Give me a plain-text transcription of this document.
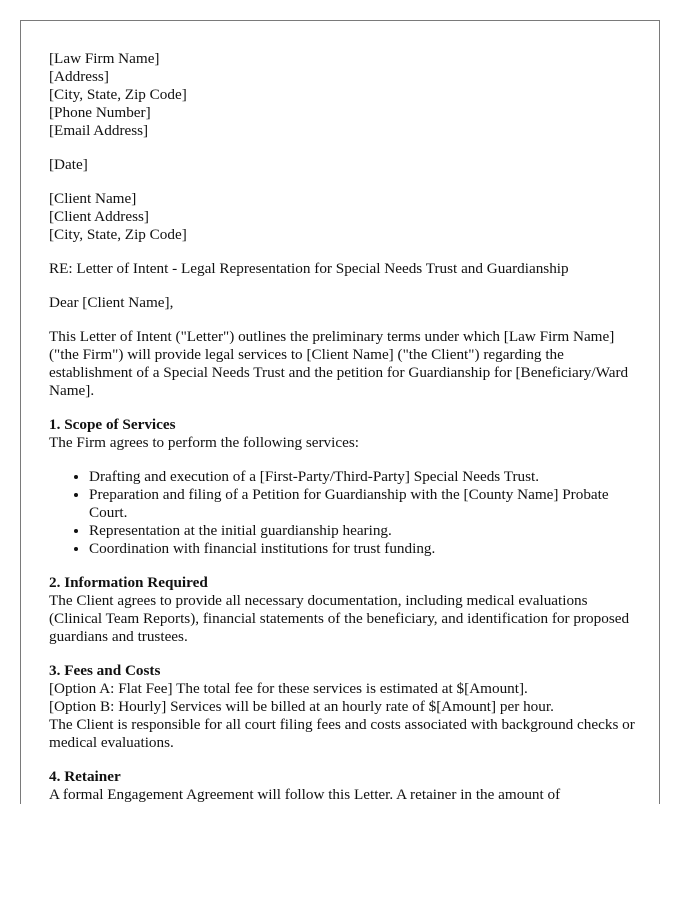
[Law Firm Name]
[Address]
[City, State, Zip Code]
[Phone Number]
[Email Address]
[Date]
[Client Name]
[Client Address]
[City, State, Zip Code]

RE: Letter of Intent - Legal Representation for Special Needs Trust and Guardianship

Dear [Client Name],

This Letter of Intent ("Letter") outlines the preliminary terms under which [Law Firm Name] ("the Firm") will provide legal services to [Client Name] ("the Client") regarding the establishment of a Special Needs Trust and the petition for Guardianship for [Beneficiary/Ward Name].

1. Scope of Services
The Firm agrees to perform the following services:
• Drafting and execution of a [First-Party/Third-Party] Special Needs Trust.
• Preparation and filing of a Petition for Guardianship with the [County Name] Probate Court.
• Representation at the initial guardianship hearing.
• Coordination with financial institutions for trust funding.
2. Information Required
The Client agrees to provide all necessary documentation, including medical evaluations (Clinical Team Reports), financial statements of the beneficiary, and identification for proposed guardians and trustees.
3. Fees and Costs
[Option A: Flat Fee] The total fee for these services is estimated at $[Amount].
[Option B: Hourly] Services will be billed at an hourly rate of $[Amount] per hour.
The Client is responsible for all court filing fees and costs associated with background checks or medical evaluations.
4. Retainer
A formal Engagement Agreement will follow this Letter. A retainer in the amount of
